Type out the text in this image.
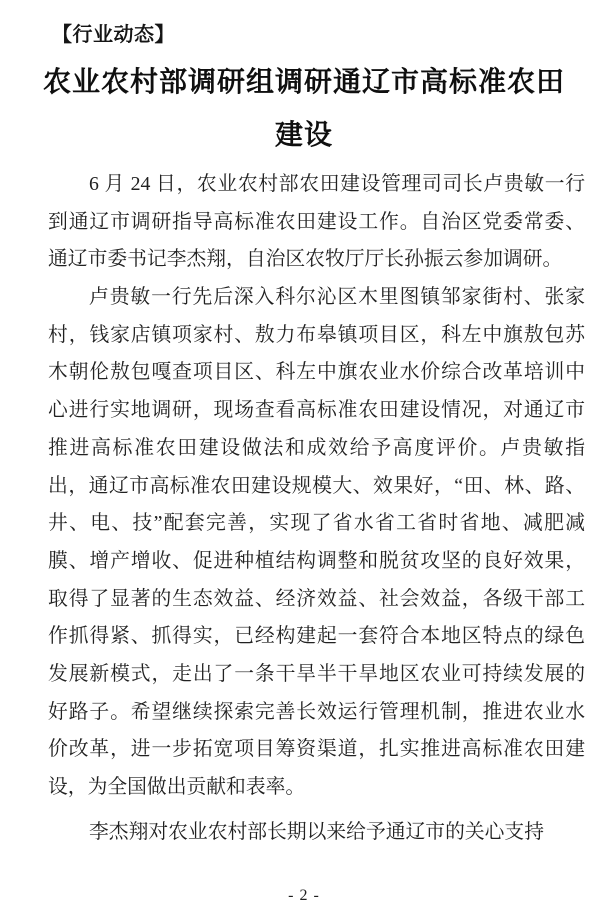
【行业动态】
农业农村部调研组调研通辽市高标准农田
建设
6 月 24 日，农业农村部农田建设管理司司长卢贵敏一行
到通辽市调研指导高标准农田建设工作。自治区党委常委、
通辽市委书记李杰翔，自治区农牧厅厅长孙振云参加调研。
卢贵敏一行先后深入科尔沁区木里图镇邹家街村、张家
村，钱家店镇项家村、敖力布皋镇项目区，科左中旗敖包苏
木朝伦敖包嘎查项目区、科左中旗农业水价综合改革培训中
心进行实地调研，现场查看高标准农田建设情况，对通辽市
推进高标准农田建设做法和成效给予高度评价。卢贵敏指
出，通辽市高标准农田建设规模大、效果好，“田、林、路、
井、电、技”配套完善，实现了省水省工省时省地、减肥减
膜、增产增收、促进种植结构调整和脱贫攻坚的良好效果，
取得了显著的生态效益、经济效益、社会效益，各级干部工
作抓得紧、抓得实，已经构建起一套符合本地区特点的绿色
发展新模式，走出了一条干旱半干旱地区农业可持续发展的
好路子。希望继续探索完善长效运行管理机制，推进农业水
价改革，进一步拓宽项目筹资渠道，扎实推进高标准农田建
设，为全国做出贡献和表率。
李杰翔对农业农村部长期以来给予通辽市的关心支持
- 2 -
